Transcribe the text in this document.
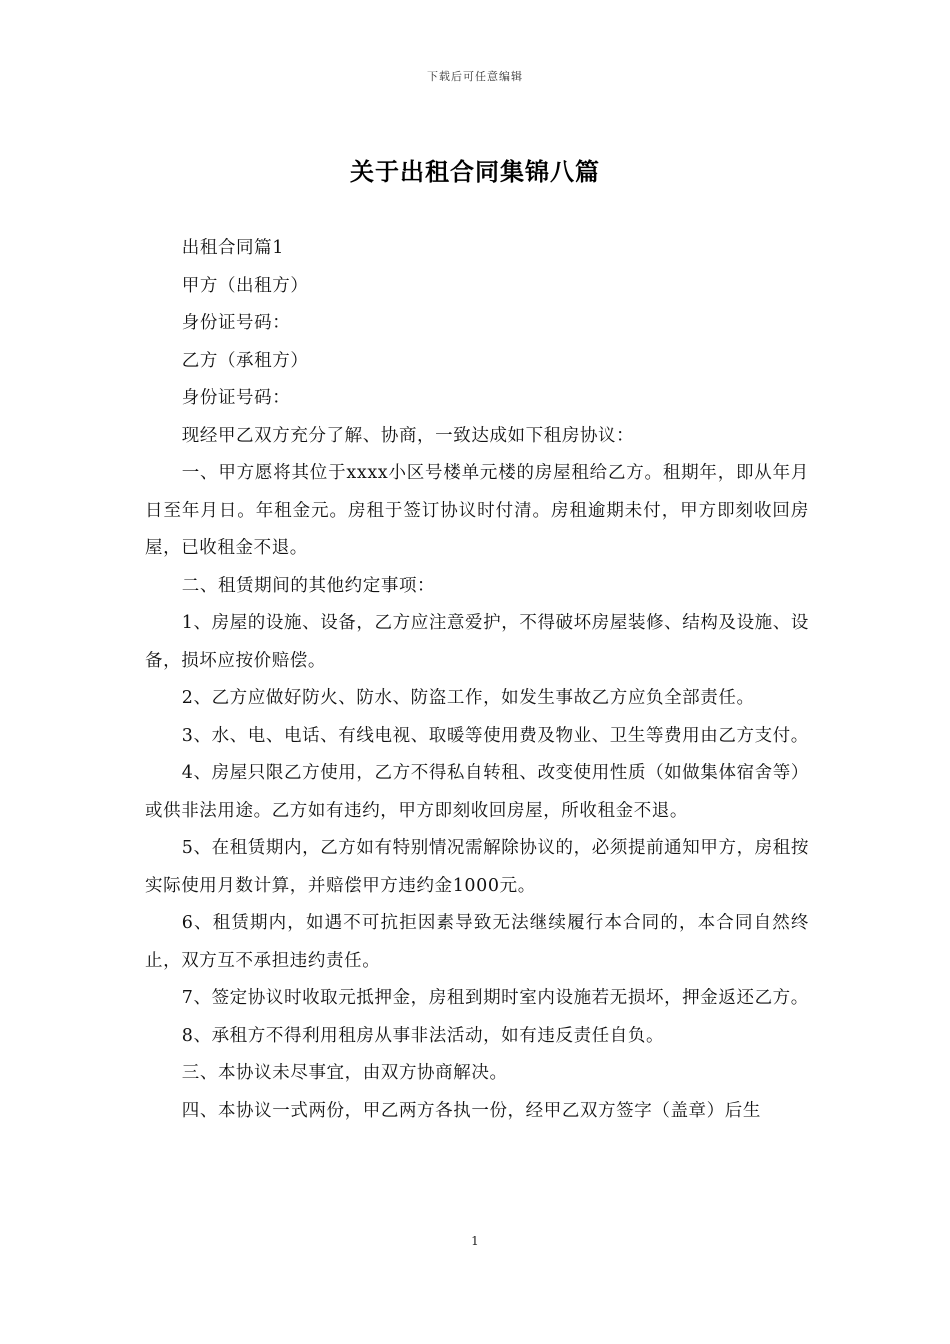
下载后可任意编辑
关于出租合同集锦八篇

出租合同篇1

甲方（出租方）

身份证号码：

乙方（承租方）

身份证号码：

现经甲乙双方充分了解、协商，一致达成如下租房协议：

一、甲方愿将其位于xxxx小区号楼单元楼的房屋租给乙方。租期年，即从年月日至年月日。年租金元。房租于签订协议时付清。房租逾期未付，甲方即刻收回房屋，已收租金不退。

二、租赁期间的其他约定事项：

1、房屋的设施、设备，乙方应注意爱护，不得破坏房屋装修、结构及设施、设备，损坏应按价赔偿。

2、乙方应做好防火、防水、防盗工作，如发生事故乙方应负全部责任。

3、水、电、电话、有线电视、取暖等使用费及物业、卫生等费用由乙方支付。

4、房屋只限乙方使用，乙方不得私自转租、改变使用性质（如做集体宿舍等）或供非法用途。乙方如有违约，甲方即刻收回房屋，所收租金不退。

5、在租赁期内，乙方如有特别情况需解除协议的，必须提前通知甲方，房租按实际使用月数计算，并赔偿甲方违约金1000元。

6、租赁期内，如遇不可抗拒因素导致无法继续履行本合同的，本合同自然终止，双方互不承担违约责任。

7、签定协议时收取元抵押金，房租到期时室内设施若无损坏，押金返还乙方。

8、承租方不得利用租房从事非法活动，如有违反责任自负。

三、本协议未尽事宜，由双方协商解决。

四、本协议一式两份，甲乙两方各执一份，经甲乙双方签字（盖章）后生

1
